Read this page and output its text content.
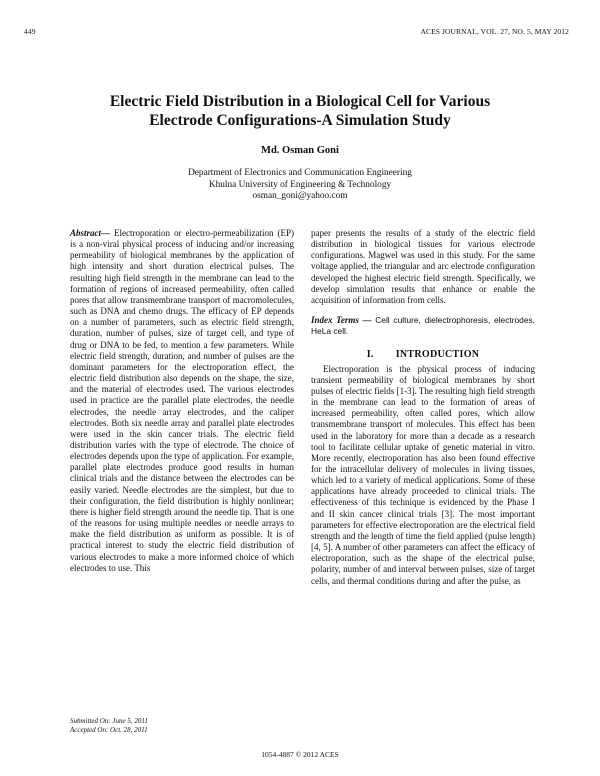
449	ACES JOURNAL, VOL. 27, NO. 5, MAY 2012
Electric Field Distribution in a Biological Cell for Various
Electrode Configurations-A Simulation Study
Md. Osman Goni
Department of Electronics and Communication Engineering
Khulna University of Engineering & Technology
osman_goni@yahoo.com

Abstract— Electroporation or electro-permeabilization (EP) is a non-viral physical process of inducing and/or increasing permeability of biological membranes by the application of high intensity and short duration electrical pulses. The resulting high field strength in the membrane can lead to the formation of regions of increased permeability, often called pores that allow transmembrane transport of macromolecules, such as DNA and chemo drugs. The efficacy of EP depends on a number of parameters, such as electric field strength, duration, number of pulses, size of target cell, and type of drug or DNA to be fed, to mention a few parameters. While electric field strength, duration, and number of pulses are the dominant parameters for the electroporation effect, the electric field distribution also depends on the shape, the size, and the material of electrodes used. The various electrodes used in practice are the parallel plate electrodes, the needle electrodes, the needle array electrodes, and the caliper electrodes. Both six needle array and parallel plate electrodes were used in the skin cancer trials. The electric field distribution varies with the type of electrode. The choice of electrodes depends upon the type of application. For example, parallel plate electrodes produce good results in human clinical trials and the distance between the electrodes can be easily varied. Needle electrodes are the simplest, but due to their configuration, the field distribution is highly nonlinear; there is higher field strength around the needle tip. That is one of the reasons for using multiple needles or needle arrays to make the field distribution as uniform as possible. It is of practical interest to study the electric field distribution of various electrodes to make a more informed choice of which electrodes to use. This

paper presents the results of a study of the electric field distribution in biological tissues for various electrode configurations. Magwel was used in this study. For the same voltage applied, the triangular and arc electrode configuration developed the highest electric field strength. Specifically, we develop simulation results that enhance or enable the acquisition of information from cells.

Index Terms — Cell culture, dielectrophoresis, electrodes, HeLa cell.

I. INTRODUCTION

Electroporation is the physical process of inducing transient permeability of biological membranes by short pulses of electric fields [1-3]. The resulting high field strength in the membrane can lead to the formation of areas of increased permeability, often called pores, which allow transmembrane transport of molecules. This effect has been used in the laboratory for more than a decade as a research tool to facilitate cellular uptake of genetic material in vitro. More recently, electroporation has also been found effective for the intracellular delivery of molecules in living tissues, which led to a variety of medical applications. Some of these applications have already proceeded to clinical trials. The effectiveness of this technique is evidenced by the Phase I and II skin cancer clinical trials [3]. The most important parameters for effective electroporation are the electrical field strength and the length of time the field applied (pulse length) [4, 5]. A number of other parameters can affect the efficacy of electroporation, such as the shape of the electrical pulse, polarity, number of and interval between pulses, size of target cells, and thermal conditions during and after the pulse, as

Submitted On: June 5, 2011
Accepted On: Oct. 28, 2011
1054-4887 © 2012 ACES
